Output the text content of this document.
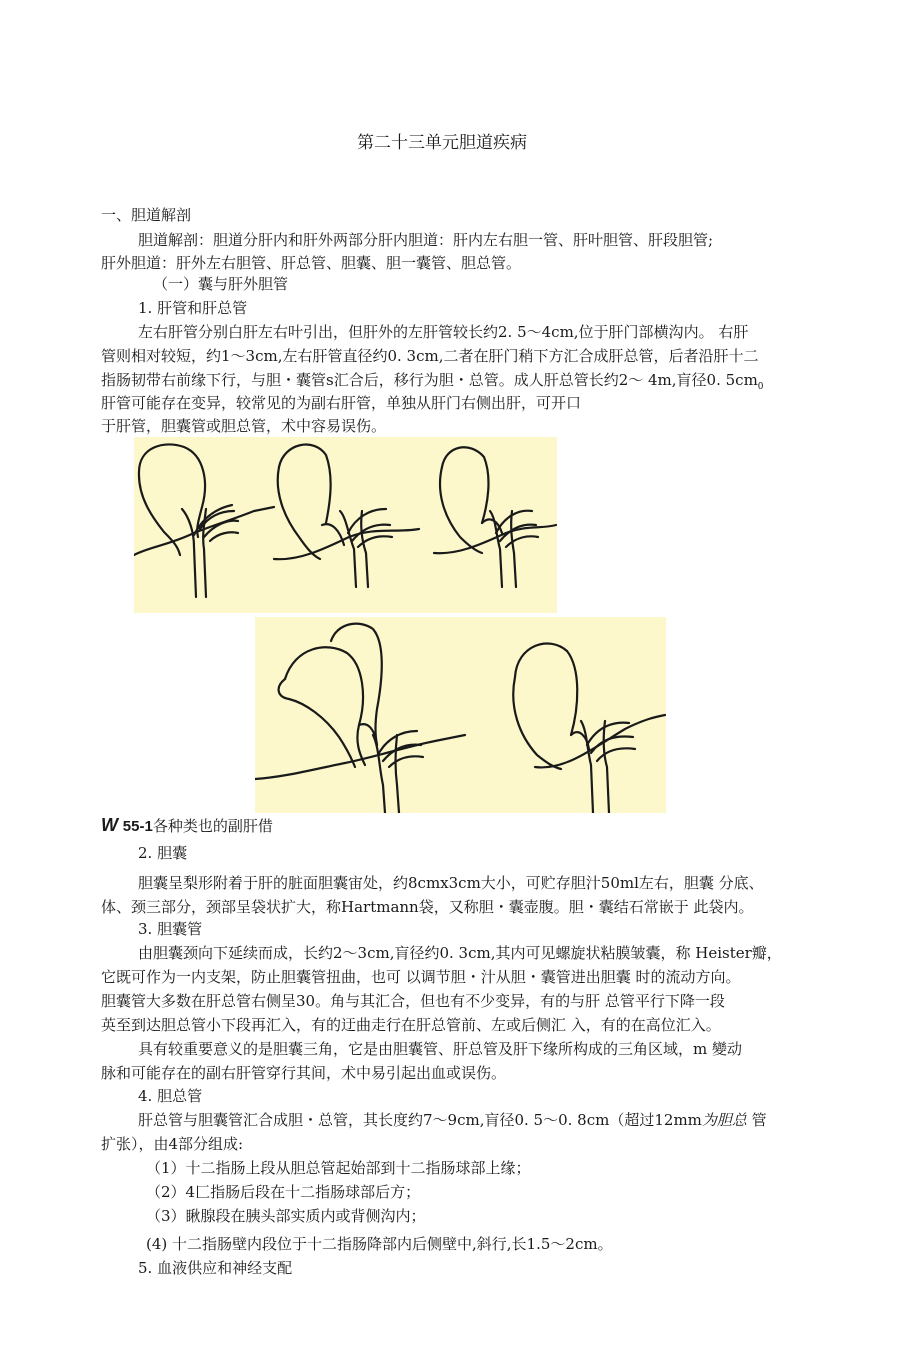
第二十三单元胆道疾病
一、胆道解剖
胆道解剖：胆道分肝内和肝外两部分肝内胆道：肝内左右胆一管、肝叶胆管、肝段胆管;
肝外胆道：肝外左右胆管、肝总管、胆囊、胆一囊管、胆总管。
（一）囊与肝外胆管
1. 肝管和肝总管
左右肝管分别白肝左右叶引出，但肝外的左肝管较长约2. 5～4cm,位于肝门部横沟内。 右肝
管则相对较短，约1～3cm,左右肝管直径约0. 3cm,二者在肝门稍下方汇合成肝总管，后者沿肝十二
指肠韧带右前缘下行，与胆・囊管s汇合后，移行为胆・总管。成人肝总管长约2～ 4m,肓径0. $5cm_0$
肝管可能存在变异，较常见的为副右肝管，单独从肝门右侧出肝，可开口
于肝管，胆囊管或胆总管，术中容易误伤。
W 55-1各种类也的副肝借
2. 胆囊
胆囊呈梨形附着于肝的脏面胆囊宙处，约8cmx3cm大小，可贮存胆汁50ml左右，胆囊 分底、
体、颈三部分，颈部呈袋状扩大，称Hartmann袋，又称胆・囊壶腹。胆・囊结石常嵌于 此袋内。
3. 胆囊管
由胆囊颈向下延续而成，长约2～3cm,肓径约0. 3cm,其内可见螺旋状粘膜皱囊，称 Heister瓣，
它既可作为一内支架，防止胆囊管扭曲，也可 以调节胆・汁从胆・囊管进出胆囊 时的流动方向。
胆囊管大多数在肝总管右侧呈30。角与其汇合，但也有不少变异，有的与肝 总管平行下降一段
英至到达胆总管小下段再汇入，有的迂曲走行在肝总管前、左或后侧汇 入，有的在高位汇入。
具有较重要意义的是胆囊三角，它是由胆囊管、肝总管及肝下缘所构成的三角区域，m 變动
脉和可能存在的副右肝管穿行其间，术中易引起出血或误伤。
4. 胆总管
肝总管与胆囊管汇合成胆・总管，其长度约7～9cm,肓径0. 5～0. 8cm（超过12mm为胆总 管
扩张），由4部分组成:
（1）十二指肠上段从胆总管起始部到十二指肠球部上缘；
（2）4匚指肠后段在十二指肠球部后方；
（3）瞅腺段在胰头部实质内或背侧沟内；
(4) 十二指肠壁内段位于十二指肠降部内后侧壁中,斜行,长1.5～2cm。
5. 血液供应和神经支配
